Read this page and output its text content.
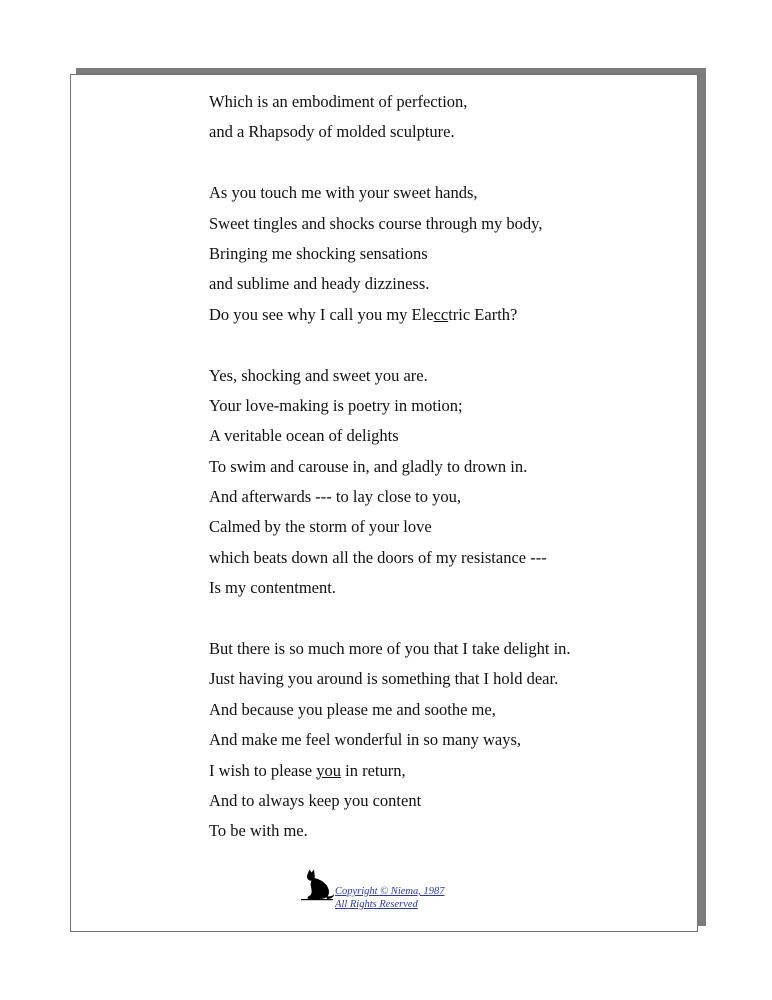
Which is an embodiment of perfection,
and a Rhapsody of molded sculpture.
As you touch me with your sweet hands,
Sweet tingles and shocks course through my body,
Bringing me shocking sensations
and sublime and heady dizziness.
Do you see why I call you my Elecctric Earth?
Yes, shocking and sweet you are.
Your love-making is poetry in motion;
A veritable ocean of delights
To swim and carouse in, and gladly to drown in.
And afterwards --- to lay close to you,
Calmed by the storm of your love
which beats down all the doors of my resistance ---
Is my contentment.
But there is so much more of you that I take delight in.
Just having you around is something that I hold dear.
And because you please me and soothe me,
And make me feel wonderful in so many ways,
I wish to please you in return,
And to always keep you content
To be with me.
Copyright © Niema, 1987
All Rights Reserved
